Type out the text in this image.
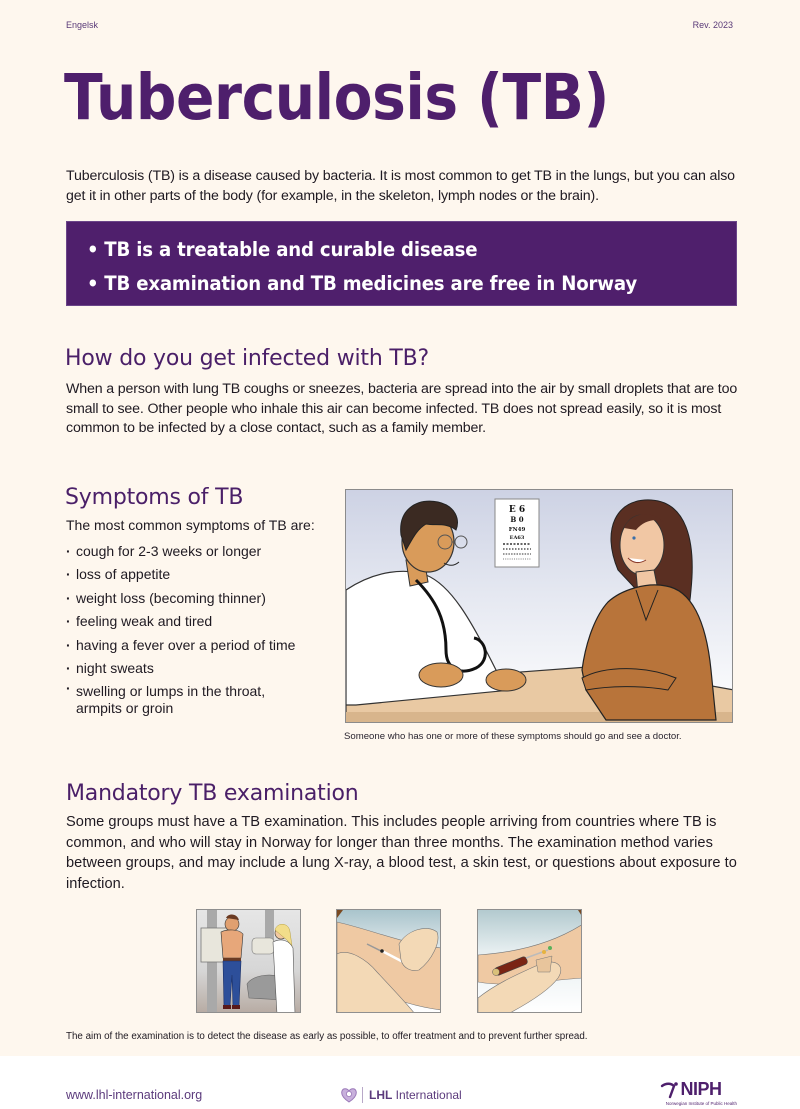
Engelsk	Rev. 2023
Tuberculosis (TB)

Tuberculosis (TB) is a disease caused by bacteria. It is most common to get TB in the lungs, but you can also get it in other parts of the body (for example, in the skeleton, lymph nodes or the brain).

• TB is a treatable and curable disease
• TB examination and TB medicines are free in Norway
How do you get infected with TB?

When a person with lung TB coughs or sneezes, bacteria are spread into the air by small droplets that are too small to see. Other people who inhale this air can become infected. TB does not spread easily, so it is most common to be infected by a close contact, such as a family member.

Symptoms of TB
The most common symptoms of TB are:
· cough for 2-3 weeks or longer
· loss of appetite
· weight loss (becoming thinner)
· feeling weak and tired
· having a fever over a period of time
· night sweats
· swelling or lumps in the throat, armpits or groin
E 6
B 0
FN49
EA63
Someone who has one or more of these symptoms should go and see a doctor.
Mandatory TB examination

Some groups must have a TB examination. This includes people arriving from countries where TB is common, and who will stay in Norway for longer than three months. The examination method varies between groups, and may include a lung X-ray, a blood test, a skin test, or questions about exposure to infection.

The aim of the examination is to detect the disease as early as possible, to offer treatment and to prevent further spread.
www.lhl-international.org	LHL International	NIPH
Norwegian Institute of Public Health
